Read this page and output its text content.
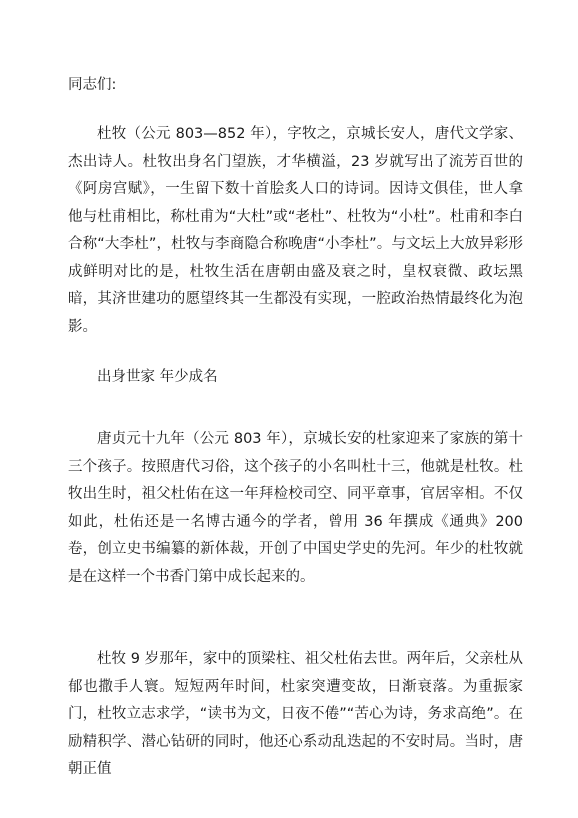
同志们:

杜牧（公元 803—852 年），字牧之，京城长安人，唐代文学家、杰出诗人。杜牧出身名门望族，才华横溢，23 岁就写出了流芳百世的《阿房宫赋》，一生留下数十首脍炙人口的诗词。因诗文俱佳，世人拿他与杜甫相比，称杜甫为“大杜”或“老杜”、杜牧为“小杜”。杜甫和李白合称“大李杜”，杜牧与李商隐合称晚唐“小李杜”。与文坛上大放异彩形成鲜明对比的是，杜牧生活在唐朝由盛及衰之时，皇权衰微、政坛黑暗，其济世建功的愿望终其一生都没有实现，一腔政治热情最终化为泡影。

出身世家 年少成名

唐贞元十九年（公元 803 年），京城长安的杜家迎来了家族的第十三个孩子。按照唐代习俗，这个孩子的小名叫杜十三，他就是杜牧。杜牧出生时，祖父杜佑在这一年拜检校司空、同平章事，官居宰相。不仅如此，杜佑还是一名博古通今的学者，曾用 36 年撰成《通典》200 卷，创立史书编纂的新体裁，开创了中国史学史的先河。年少的杜牧就是在这样一个书香门第中成长起来的。

杜牧 9 岁那年，家中的顶梁柱、祖父杜佑去世。两年后，父亲杜从郁也撒手人寰。短短两年时间，杜家突遭变故，日渐衰落。为重振家门，杜牧立志求学，“读书为文，日夜不倦”“苦心为诗，务求高绝”。在励精积学、潜心钻研的同时，他还心系动乱迭起的不安时局。当时，唐朝正值
